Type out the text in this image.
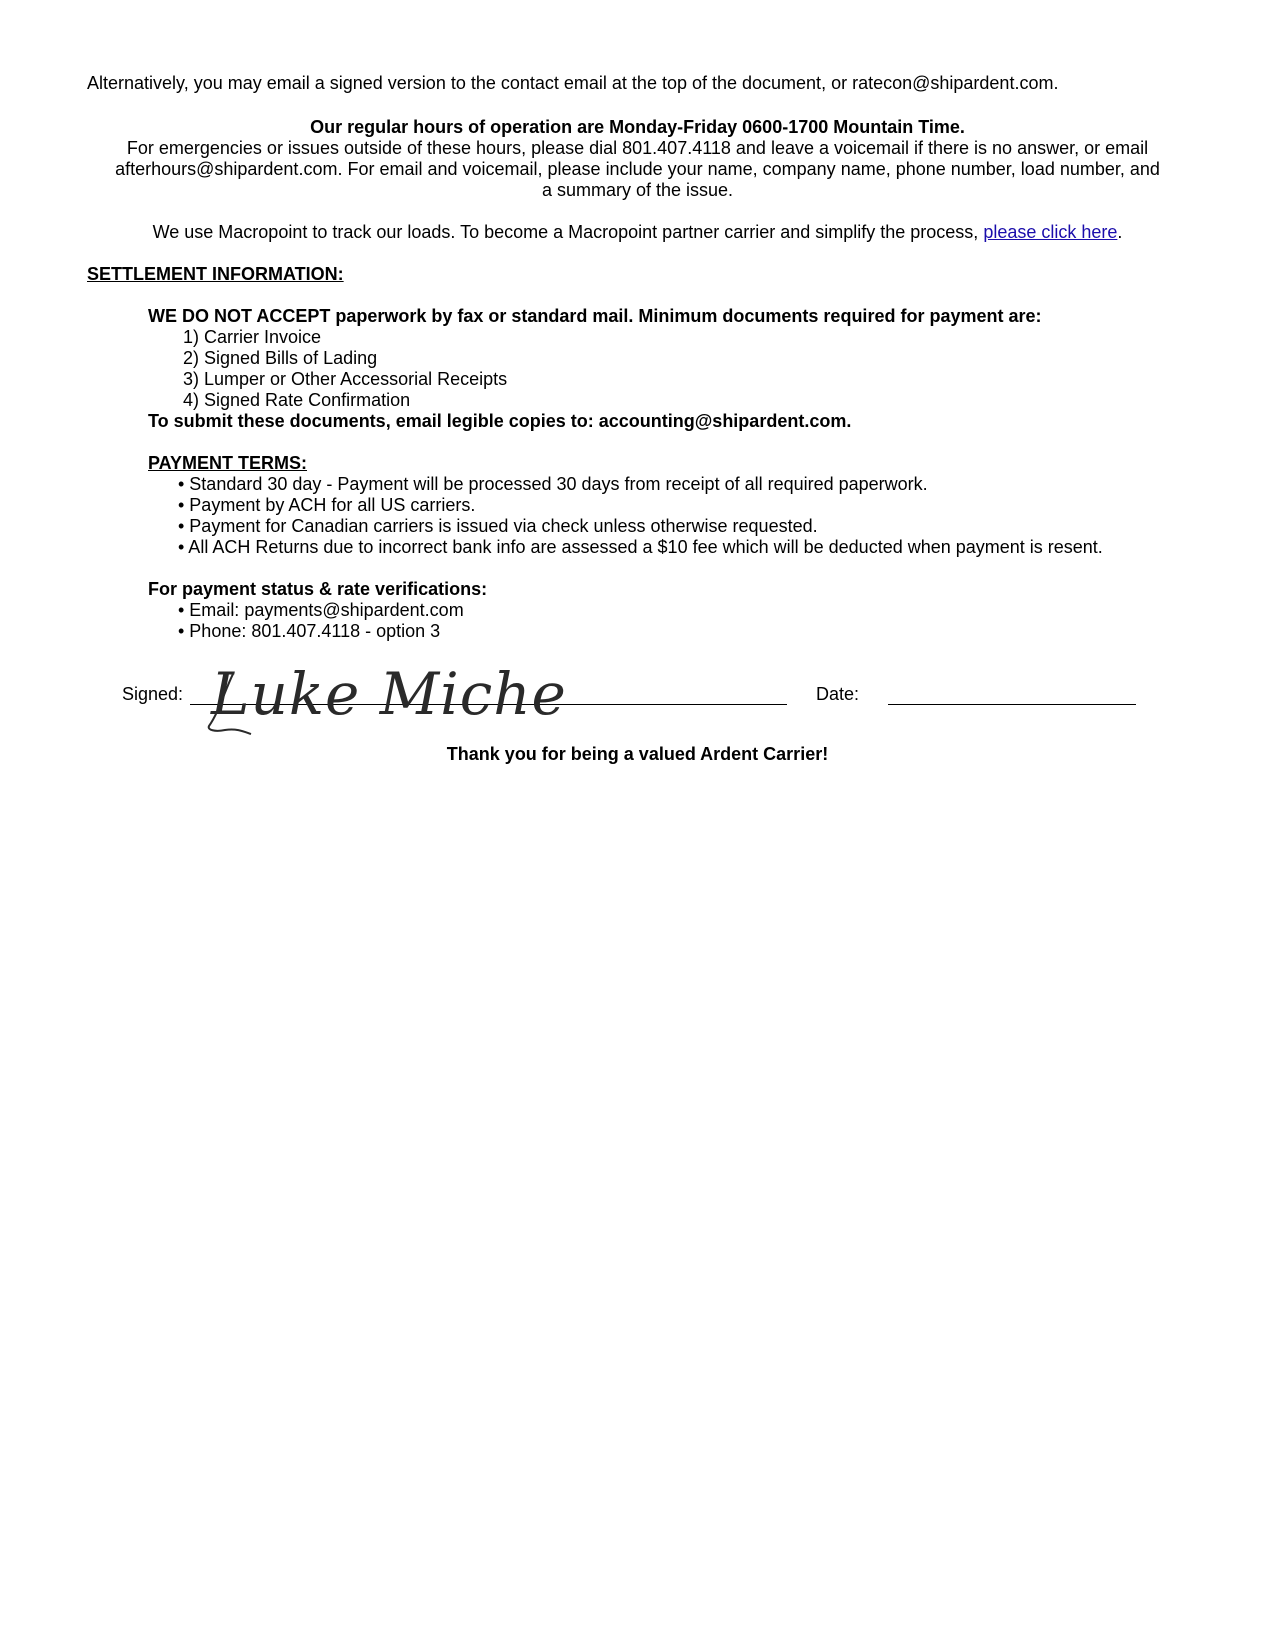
Alternatively, you may email a signed version to the contact email at the top of the document, or ratecon@shipardent.com.
Our regular hours of operation are Monday-Friday 0600-1700 Mountain Time.
For emergencies or issues outside of these hours, please dial 801.407.4118 and leave a voicemail if there is no answer, or email
afterhours@shipardent.com. For email and voicemail, please include your name, company name, phone number, load number, and
a summary of the issue.
We use Macropoint to track our loads. To become a Macropoint partner carrier and simplify the process, please click here.
SETTLEMENT INFORMATION:
WE DO NOT ACCEPT paperwork by fax or standard mail. Minimum documents required for payment are:
1) Carrier Invoice
2) Signed Bills of Lading
3) Lumper or Other Accessorial Receipts
4) Signed Rate Confirmation
To submit these documents, email legible copies to: accounting@shipardent.com.
PAYMENT TERMS:
• Standard 30 day - Payment will be processed 30 days from receipt of all required paperwork.
• Payment by ACH for all US carriers.
• Payment for Canadian carriers is issued via check unless otherwise requested.
• All ACH Returns due to incorrect bank info are assessed a $10 fee which will be deducted when payment is resent.
For payment status & rate verifications:
• Email: payments@shipardent.com
• Phone: 801.407.4118 - option 3
Signed: Luke Miche	Date:
Thank you for being a valued Ardent Carrier!
